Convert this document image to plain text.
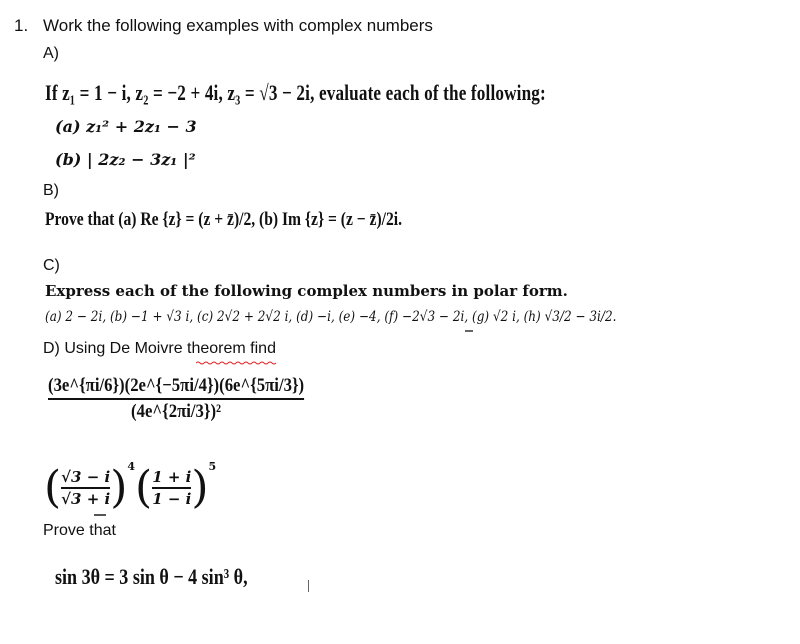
1. Work the following examples with complex numbers
A)
If z₁ = 1 − i, z₂ = −2 + 4i, z₃ = √3 − 2i, evaluate each of the following:
(a) z₁² + 2z₁ − 3
(b) | 2z₂ − 3z₁ |²
B)
Prove that (a) Re {z} = (z + z̄)/2, (b) Im {z} = (z − z̄)/2i.
C)
Express each of the following complex numbers in polar form.
(a) 2 − 2i, (b) −1 + √3 i, (c) 2√2 + 2√2 i, (d) −i, (e) −4, (f) −2√3 − 2i, (g) √2 i, (h) √3/2 − 3i/2.
D) Using De Moivre theorem find
(3e^{πi/6})(2e^{−5πi/4})(6e^{5πi/3})
(4e^{2πi/3})²
( √3 − i
√3 + i ) 4 ( 1 + i
1 − i ) 5
Prove that
sin 3θ = 3 sin θ − 4 sin³ θ,
